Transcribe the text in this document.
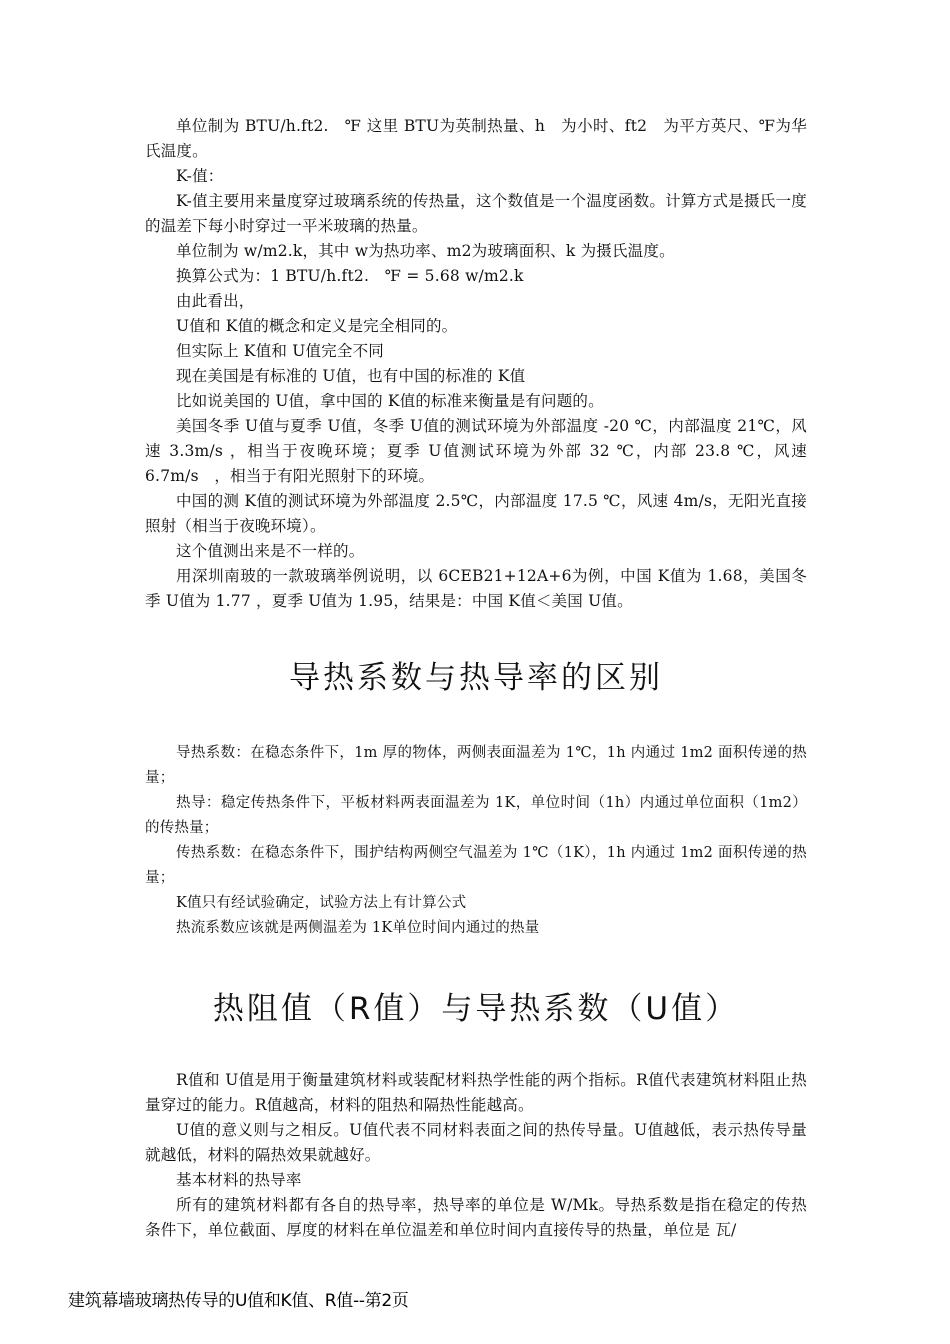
单位制为 BTU/h.ft2.　℉ 这里 BTU为英制热量、h　为小时、ft2　为平方英尺、℉为华氏温度。

K-值：

K-值主要用来量度穿过玻璃系统的传热量，这个数值是一个温度函数。计算方式是摄氏一度的温差下每小时穿过一平米玻璃的热量。

单位制为 w/m2.k，其中 w为热功率、m2为玻璃面积、k 为摄氏温度。

换算公式为：1 BTU/h.ft2.　℉ = 5.68 w/m2.k

由此看出，

U值和 K值的概念和定义是完全相同的。

但实际上 K值和 U值完全不同

现在美国是有标准的 U值，也有中国的标准的 K值

比如说美国的 U值，拿中国的 K值的标准来衡量是有问题的。

美国冬季 U值与夏季 U值，冬季 U值的测试环境为外部温度 -20 ℃，内部温度 21℃，风速 3.3m/s ，相当于夜晚环境；夏季 U值测试环境为外部 32 ℃，内部 23.8 ℃，风速 6.7m/s　，相当于有阳光照射下的环境。

中国的测 K值的测试环境为外部温度 2.5℃，内部温度 17.5 ℃，风速 4m/s，无阳光直接照射（相当于夜晚环境）。

这个值测出来是不一样的。

用深圳南玻的一款玻璃举例说明，以 6CEB21+12A+6为例，中国 K值为 1.68，美国冬季 U值为 1.77 ，夏季 U值为 1.95，结果是：中国 K值＜美国 U值。

导热系数与热导率的区别

导热系数：在稳态条件下，1m 厚的物体，两侧表面温差为 1℃，1h 内通过 1m2 面积传递的热量；

热导：稳定传热条件下，平板材料两表面温差为 1K，单位时间（1h）内通过单位面积（1m2）的传热量；

传热系数：在稳态条件下，围护结构两侧空气温差为 1℃（1K），1h 内通过 1m2 面积传递的热量；

K值只有经试验确定，试验方法上有计算公式

热流系数应该就是两侧温差为 1K单位时间内通过的热量

热阻值（R值）与导热系数（U值）

R值和 U值是用于衡量建筑材料或装配材料热学性能的两个指标。R值代表建筑材料阻止热量穿过的能力。R值越高，材料的阻热和隔热性能越高。

U值的意义则与之相反。U值代表不同材料表面之间的热传导量。U值越低，表示热传导量就越低，材料的隔热效果就越好。

基本材料的热导率

所有的建筑材料都有各自的热导率，热导率的单位是 W/Mk。导热系数是指在稳定的传热条件下，单位截面、厚度的材料在单位温差和单位时间内直接传导的热量，单位是 瓦/

建筑幕墙玻璃热传导的U值和K值、R值--第2页
